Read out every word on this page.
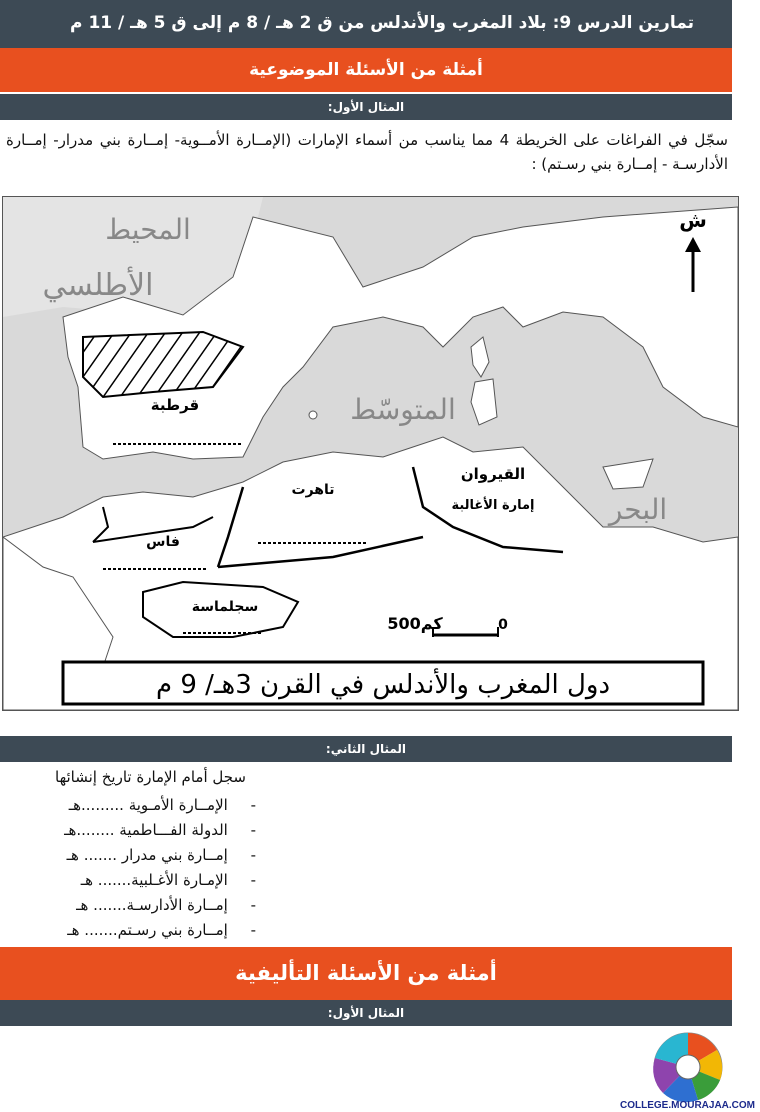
تمارين الدرس 9: بلاد المغرب والأندلس من ق 2 هـ / 8 م إلى ق 5 هـ / 11 م
أمثلة من الأسئلة الموضوعية
المثال الأول:
سجّل في الفراغات على الخريطة 4 مما يناسب من أسماء الإمارات (الإمــارة الأمــوية- إمــارة بني مدرار- إمــارة الأدارسـة - إمــارة بني رسـتم) :
المحيط
الأطلسي
المتوسّط
البحر
قرطبة
تاهرت
فاس
القيروان
إمارة الأغالبة
سجلماسة
500كم	0
ش
دول المغرب والأندلس في القرن 3هـ/ 9 م
المثال الثاني:
سجل أمام الإمارة تاريخ إنشائها
- الإمــارة الأمـوية .........هـ
- الدولة الفـــاطمية ........هـ
- إمــارة بني مدرار ....... هـ
- الإمـارة الأغـلبية....... هـ
- إمــارة الأدارسـة....... هـ
- إمــارة بني رسـتم....... هـ
أمثلة من الأسئلة التأليفية
المثال الأول:
COLLEGE.MOURAJAA.COM
